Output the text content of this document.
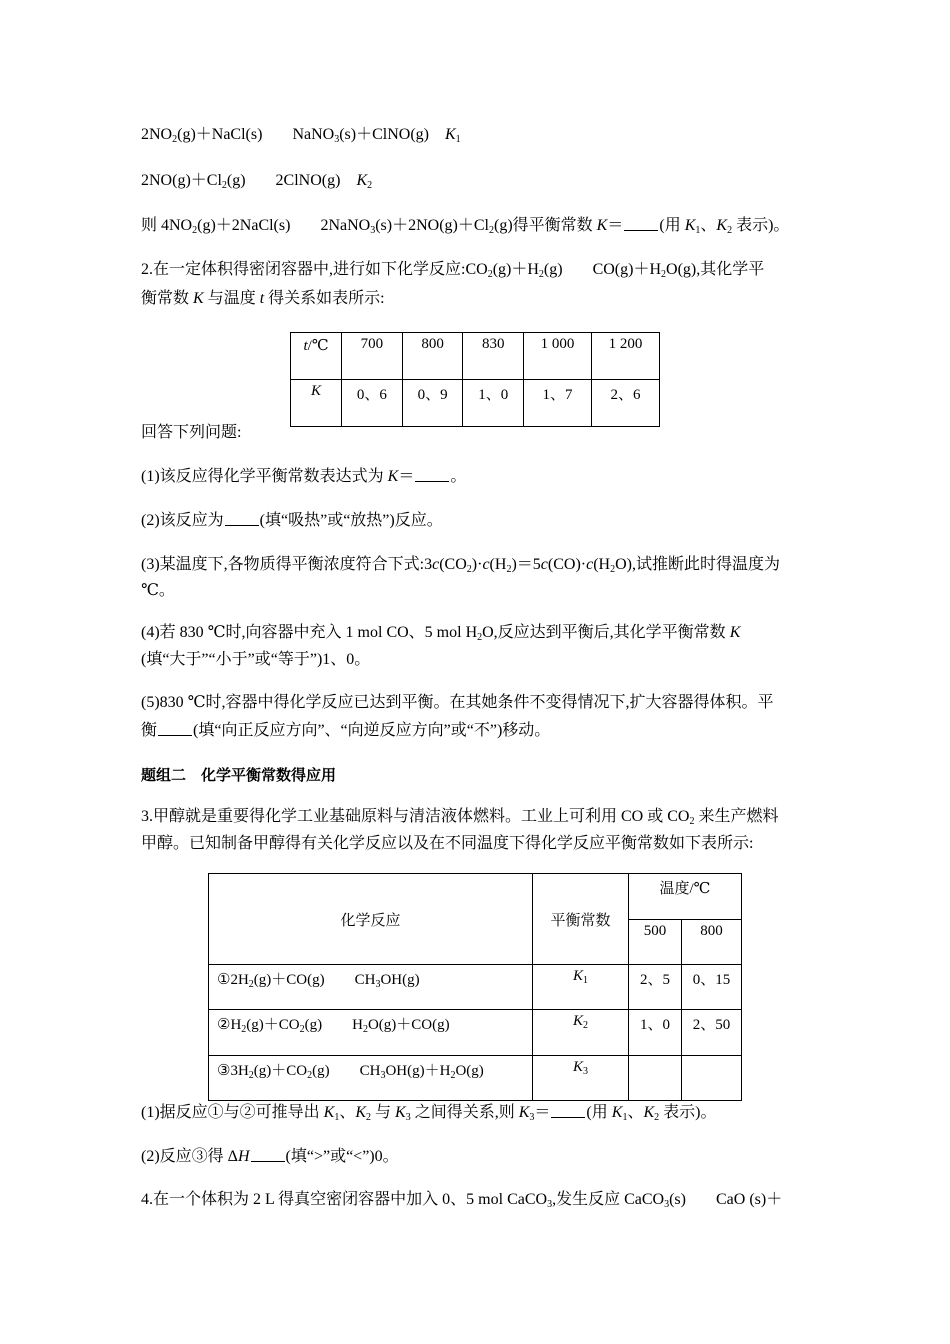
$2NO_2(g)+NaCl(s)$ NaNO$_3$(s)＋ClNO(g) $K_1$
$2NO(g)+Cl_2(g)$ 2ClNO(g) $K_2$
则 $4NO_2(g)+2NaCl(s)$ $2NaNO_3(s)+2NO(g)+Cl_2(g)$得平衡常数 K＝ (用 $K_1$、$K_2$ 表示)。
2.在一定体积得密闭容器中,进行如下化学反应$:CO_2(g)+H_2(g)$ $CO(g)+H_2O(g)$,其化学平
衡常数 K 与温度 t 得关系如表所示:
t/℃	700	800	830	1 000	1 200
K	0、6	0、9	1、0	1、7	2、6
回答下列问题:
(1)该反应得化学平衡常数表达式为 K＝ 。
(2)该反应为 (填“吸热”或“放热”)反应。
(3)某温度下,各物质得平衡浓度符合下式$:3c(CO_2)\cdot c(H_2)=5c(CO)\cdot c(H_2O)$,试推断此时得温度为
℃。
(4)若 830 ℃时,向容器中充入 1 mol CO、5 mol $H_2O$,反应达到平衡后,其化学平衡常数 K
(填“大于”“小于”或“等于”)1、0。
(5)830 ℃时,容器中得化学反应已达到平衡。在其她条件不变得情况下,扩大容器得体积。平
衡 (填“向正反应方向”、“向逆反应方向”或“不”)移动。
题组二　化学平衡常数得应用
3.甲醇就是重要得化学工业基础原料与清洁液体燃料。工业上可利用 CO 或 $CO_2$ 来生产燃料
甲醇。已知制备甲醇得有关化学反应以及在不同温度下得化学反应平衡常数如下表所示:
化学反应	平衡常数	温度/℃	
		500	800
$①2H_2(g)+CO(g)$ $CH_3OH(g)$	$K_1$	2、5	0、15
$②H_2(g)+CO_2(g)$ $H_2O(g)+CO(g)$	$K_2$	1、0	2、50
$③3H_2(g)+CO_2(g)$ $CH_3OH(g)+H_2O(g)$	$K_3$		
(1)据反应①与②可推导出 $K_1$、$K_2$ 与 $K_3$ 之间得关系,则 $K_3=$ (用 $K_1$、$K_2$ 表示)。
(2)反应③得 ΔH (填“>”或“<”)0。
4.在一个体积为 2 L 得真空密闭容器中加入 0、5 mol CaCO$_3$,发生反应 CaCO$_3$(s) CaO (s)＋
